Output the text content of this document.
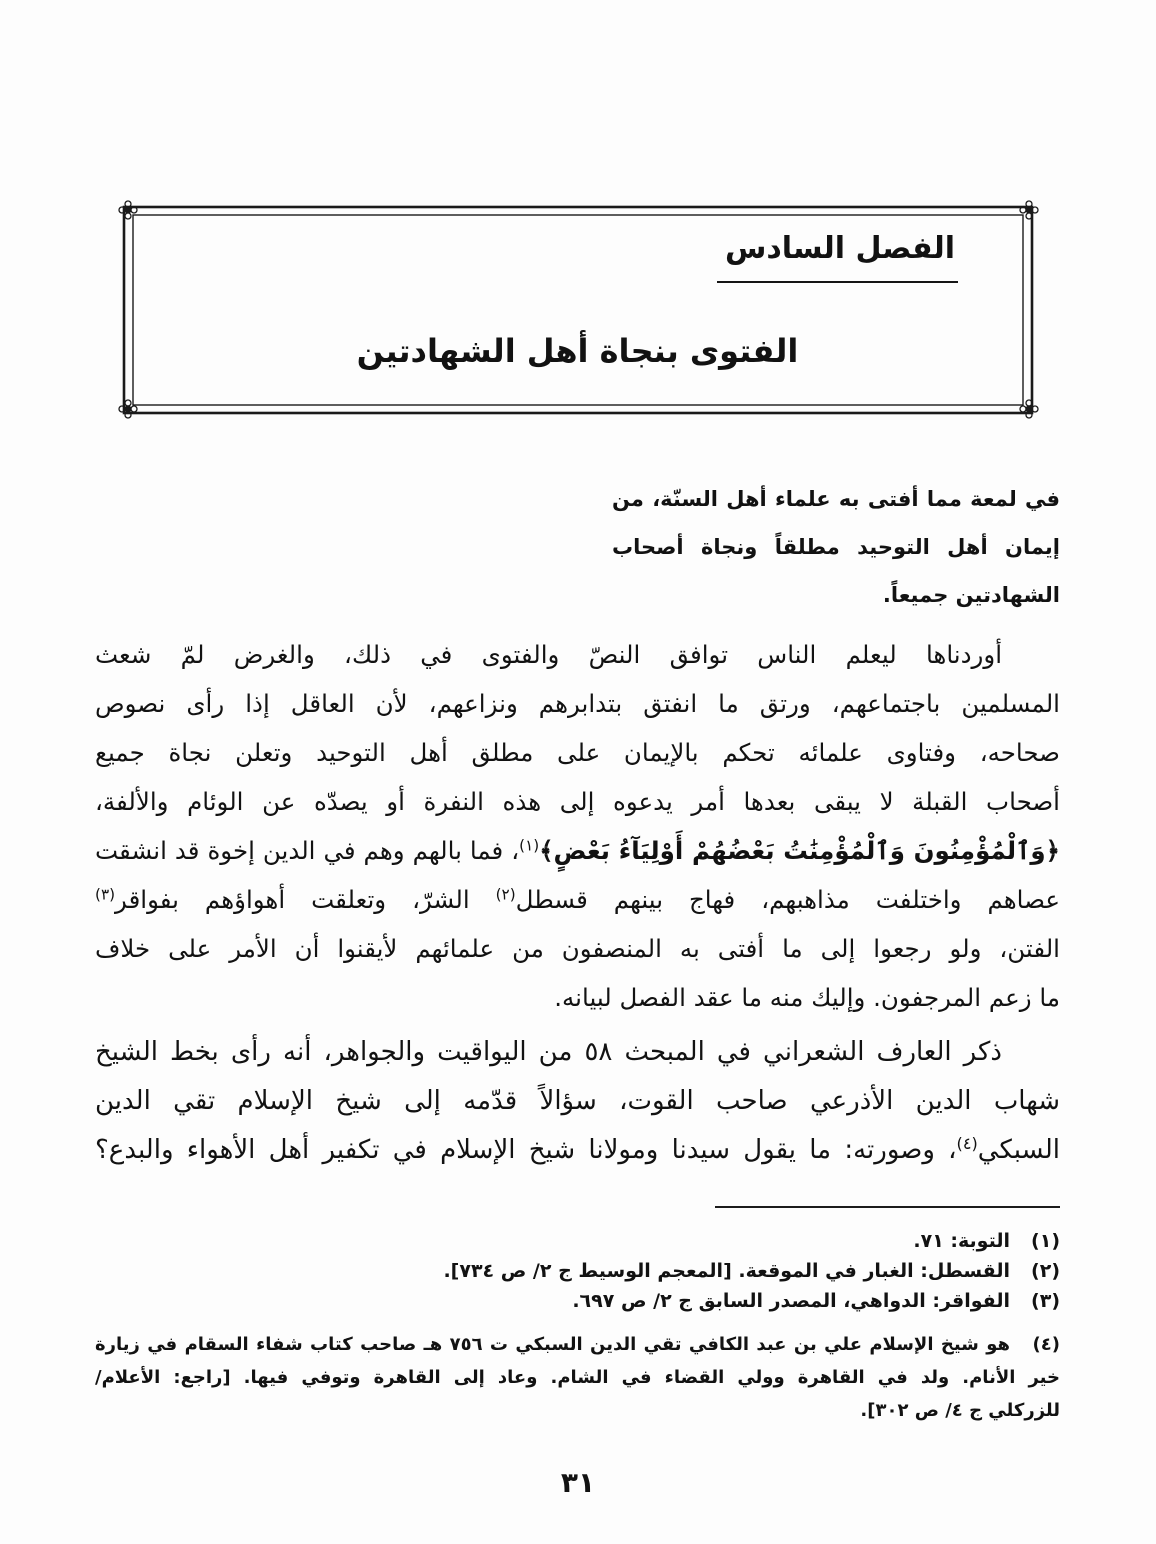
الفصل السادس
الفتوى بنجاة أهل الشهادتين
في لمعة مما أفتى به علماء أهل السنّة، من
إيمان أهل التوحيد مطلقاً ونجاة أصحاب
الشهادتين جميعاً.
أوردناها ليعلم الناس توافق النصّ والفتوى في ذلك، والغرض لمّ شعث
المسلمين باجتماعهم، ورتق ما انفتق بتدابرهم ونزاعهم، لأن العاقل إذا رأى نصوص
صحاحه، وفتاوى علمائه تحكم بالإيمان على مطلق أهل التوحيد وتعلن نجاة جميع
أصحاب القبلة لا يبقى بعدها أمر يدعوه إلى هذه النفرة أو يصدّه عن الوئام والألفة،
﴿وَٱلْمُؤْمِنُونَ وَٱلْمُؤْمِنَٰتُ بَعْضُهُمْ أَوْلِيَآءُ بَعْضٍ﴾$^{(١)}$، فما بالهم وهم في الدين إخوة قد انشقت
عصاهم واختلفت مذاهبهم، فهاج بينهم قسطل$^{(٢)}$ الشرّ، وتعلقت أهواؤهم بفواقر$^{(٣)}$
الفتن، ولو رجعوا إلى ما أفتى به المنصفون من علمائهم لأيقنوا أن الأمر على خلاف
ما زعم المرجفون. وإليك منه ما عقد الفصل لبيانه.
ذكر العارف الشعراني في المبحث ٥٨ من اليواقيت والجواهر، أنه رأى بخط الشيخ
شهاب الدين الأذرعي صاحب القوت، سؤالاً قدّمه إلى شيخ الإسلام تقي الدين
السبكي$^{(٤)}$، وصورته: ما يقول سيدنا ومولانا شيخ الإسلام في تكفير أهل الأهواء والبدع؟
(١)التوبة: ٧١.
(٢)القسطل: الغبار في الموقعة. [المعجم الوسيط ج ٢/ ص ٧٣٤].
(٣)الفواقر: الدواهي، المصدر السابق ج ٢/ ص ٦٩٧.
(٤)هو شيخ الإسلام علي بن عبد الكافي تقي الدين السبكي ت ٧٥٦ هـ صاحب كتاب شفاء السقام في زيارة
خير الأنام. ولد في القاهرة وولي القضاء في الشام. وعاد إلى القاهرة وتوفي فيها. [راجع: الأعلام/
للزركلي ج ٤/ ص ٣٠٢].
٣١
